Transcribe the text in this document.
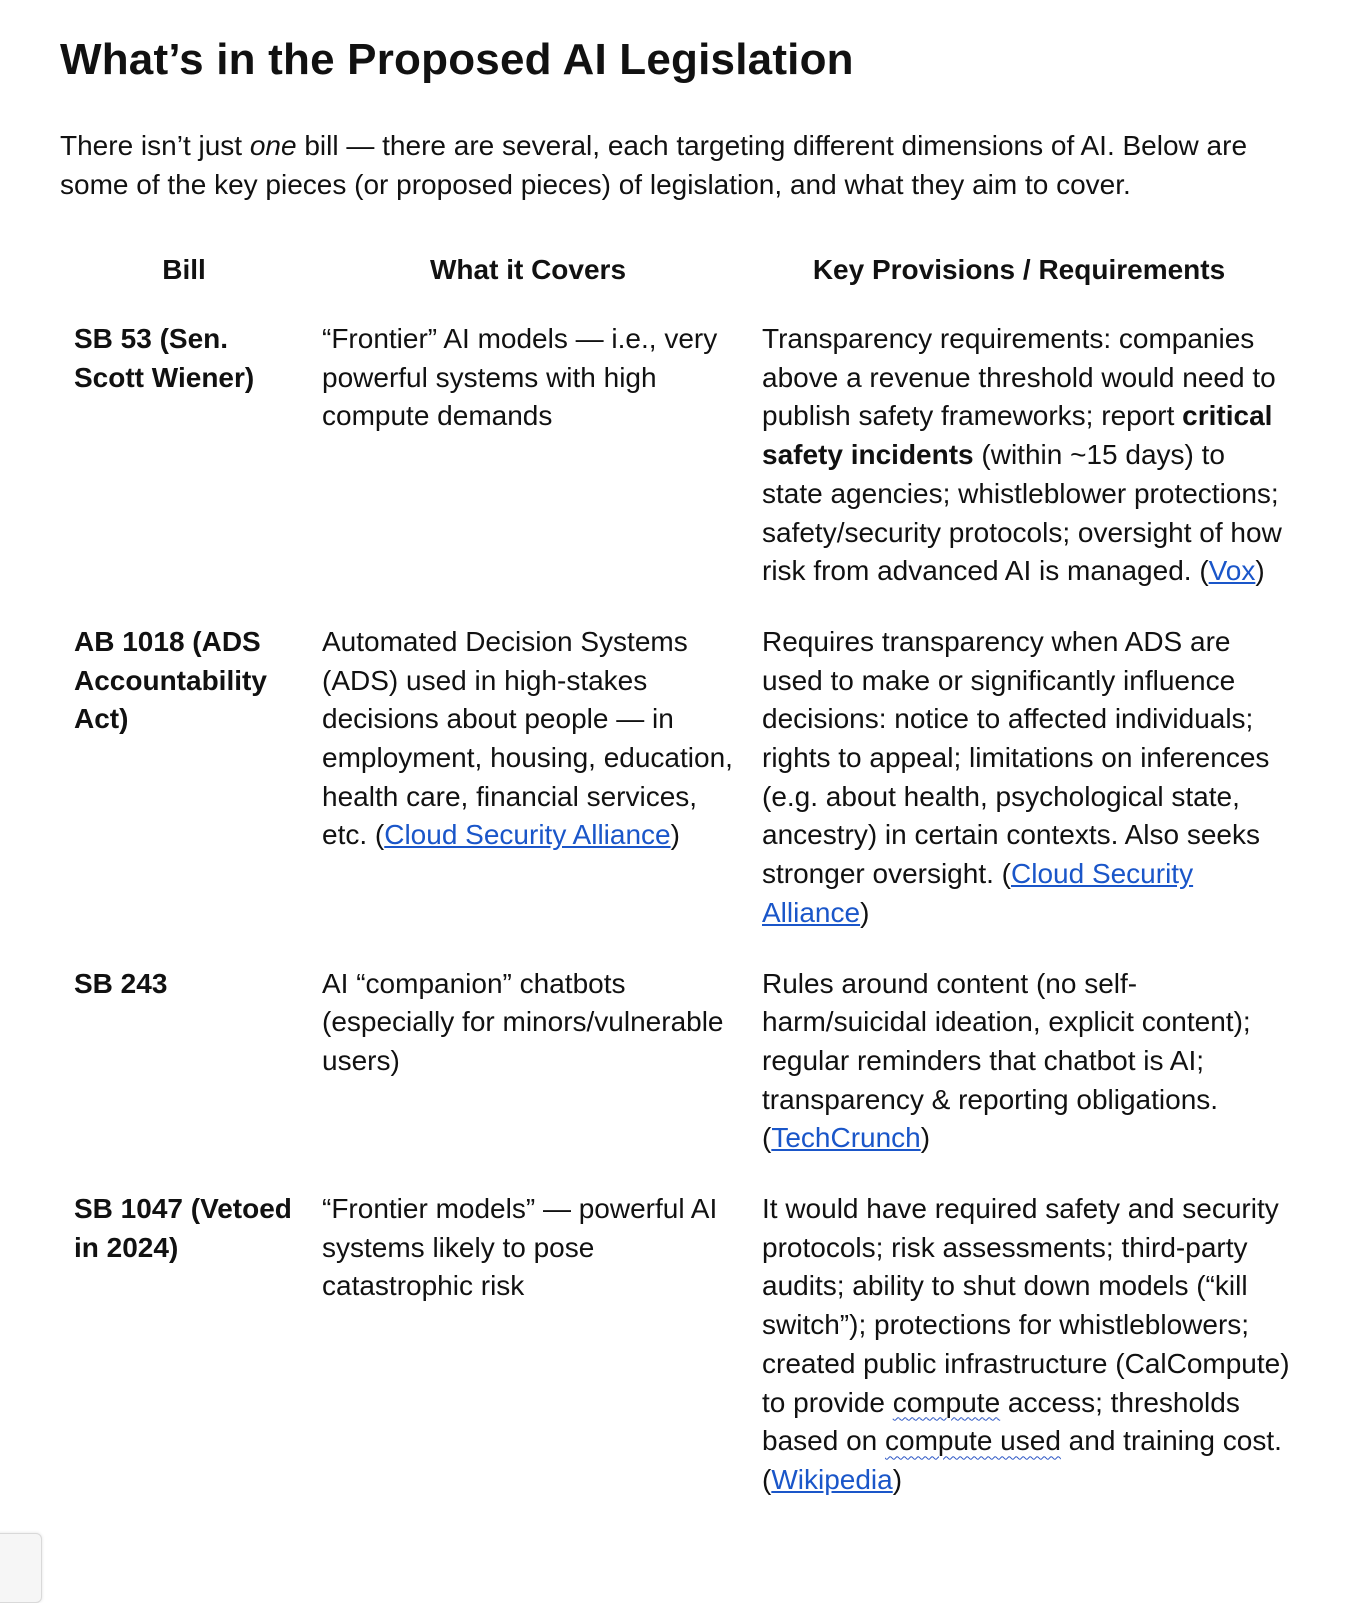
What’s in the Proposed AI Legislation

There isn’t just one bill — there are several, each targeting different dimensions of AI. Below are some of the key pieces (or proposed pieces) of legislation, and what they aim to cover.

Bill	What it Covers	Key Provisions / Requirements
SB 53 (Sen. Scott Wiener)	“Frontier” AI models — i.e., very powerful systems with high compute demands	Transparency requirements: companies above a revenue threshold would need to publish safety frameworks; report critical safety incidents (within ~15 days) to state agencies; whistleblower protections; safety/security protocols; oversight of how risk from advanced AI is managed. (Vox)
AB 1018 (ADS Accountability Act)	Automated Decision Systems (ADS) used in high-stakes decisions about people — in employment, housing, education, health care, financial services, etc. (Cloud Security Alliance)	Requires transparency when ADS are used to make or significantly influence decisions: notice to affected individuals; rights to appeal; limitations on inferences (e.g. about health, psychological state, ancestry) in certain contexts. Also seeks stronger oversight. (Cloud Security Alliance)
SB 243	AI “companion” chatbots (especially for minors/vulnerable users)	Rules around content (no self-harm/suicidal ideation, explicit content); regular reminders that chatbot is AI; transparency & reporting obligations. (TechCrunch)
SB 1047 (Vetoed in 2024)	“Frontier models” — powerful AI systems likely to pose catastrophic risk	It would have required safety and security protocols; risk assessments; third-party audits; ability to shut down models (“kill switch”); protections for whistleblowers; created public infrastructure (CalCompute) to provide compute access; thresholds based on compute used and training cost. (Wikipedia)
